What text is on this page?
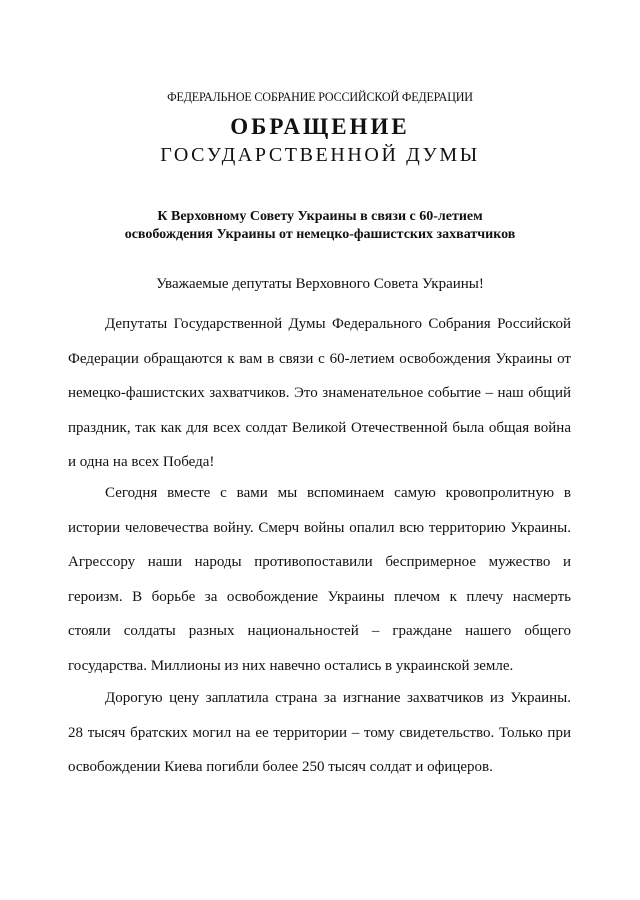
ФЕДЕРАЛЬНОЕ СОБРАНИЕ РОССИЙСКОЙ ФЕДЕРАЦИИ
ОБРАЩЕНИЕ
ГОСУДАРСТВЕННОЙ ДУМЫ
К Верховному Совету Украины в связи с 60-летием
освобождения Украины от немецко-фашистских захватчиков
Уважаемые депутаты Верховного Совета Украины!
Депутаты Государственной Думы Федерального Собрания Российской
Федерации обращаются к вам в связи с 60-летием освобождения Украины от
немецко-фашистских захватчиков. Это знаменательное событие – наш общий
праздник, так как для всех солдат Великой Отечественной была общая война
и одна на всех Победа!
Сегодня вместе с вами мы вспоминаем самую кровопролитную в
истории человечества войну. Смерч войны опалил всю территорию Украины.
Агрессору наши народы противопоставили беспримерное мужество и
героизм. В борьбе за освобождение Украины плечом к плечу насмерть
стояли солдаты разных национальностей – граждане нашего общего
государства. Миллионы из них навечно остались в украинской земле.
Дорогую цену заплатила страна за изгнание захватчиков из Украины.
28 тысяч братских могил на ее территории – тому свидетельство. Только при
освобождении Киева погибли более 250 тысяч солдат и офицеров.
